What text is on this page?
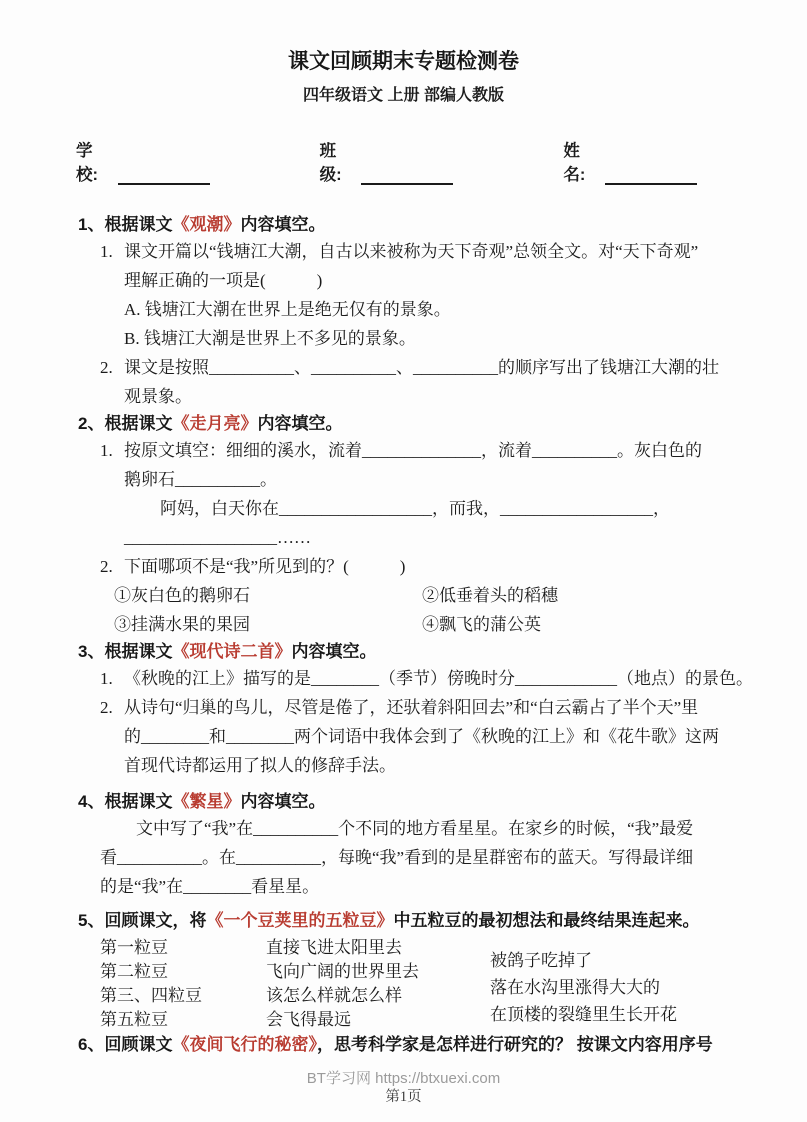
课文回顾期末专题检测卷
四年级语文 上册 部编人教版
学校:
班级:
姓名:
1、根据课文《观潮》内容填空。
1. 课文开篇以“钱塘江大潮，自古以来被称为天下奇观”总领全文。对“天下奇观”
理解正确的一项是(　　　)
A. 钱塘江大潮在世界上是绝无仅有的景象。
B. 钱塘江大潮是世界上不多见的景象。
2. 课文是按照__________、__________、__________的顺序写出了钱塘江大潮的壮
观景象。
2、根据课文《走月亮》内容填空。
1. 按原文填空：细细的溪水，流着______________，流着__________。灰白色的
鹅卵石__________。
阿妈，白天你在__________________，而我，__________________，
__________________……
2. 下面哪项不是“我”所见到的？(　　　)
①灰白色的鹅卵石	②低垂着头的稻穗
③挂满水果的果园	④飘飞的蒲公英
3、根据课文《现代诗二首》内容填空。
1. 《秋晚的江上》描写的是________（季节）傍晚时分____________（地点）的景色。
2. 从诗句“归巢的鸟儿，尽管是倦了，还驮着斜阳回去”和“白云霸占了半个天”里
的________和________两个词语中我体会到了《秋晚的江上》和《花牛歌》这两
首现代诗都运用了拟人的修辞手法。
4、根据课文《繁星》内容填空。
文中写了“我”在__________个不同的地方看星星。在家乡的时候，“我”最爱
看__________。在__________，每晚“我”看到的是星群密布的蓝天。写得最详细
的是“我”在________看星星。
5、回顾课文，将《一个豆荚里的五粒豆》中五粒豆的最初想法和最终结果连起来。
第一粒豆
第二粒豆
第三、四粒豆
第五粒豆
直接飞进太阳里去
飞向广阔的世界里去
该怎么样就怎么样
会飞得最远
被鸽子吃掉了
落在水沟里涨得大大的
在顶楼的裂缝里生长开花
6、回顾课文《夜间飞行的秘密》，思考科学家是怎样进行研究的？ 按课文内容用序号
BT学习网 https://btxuexi.com
第1页
